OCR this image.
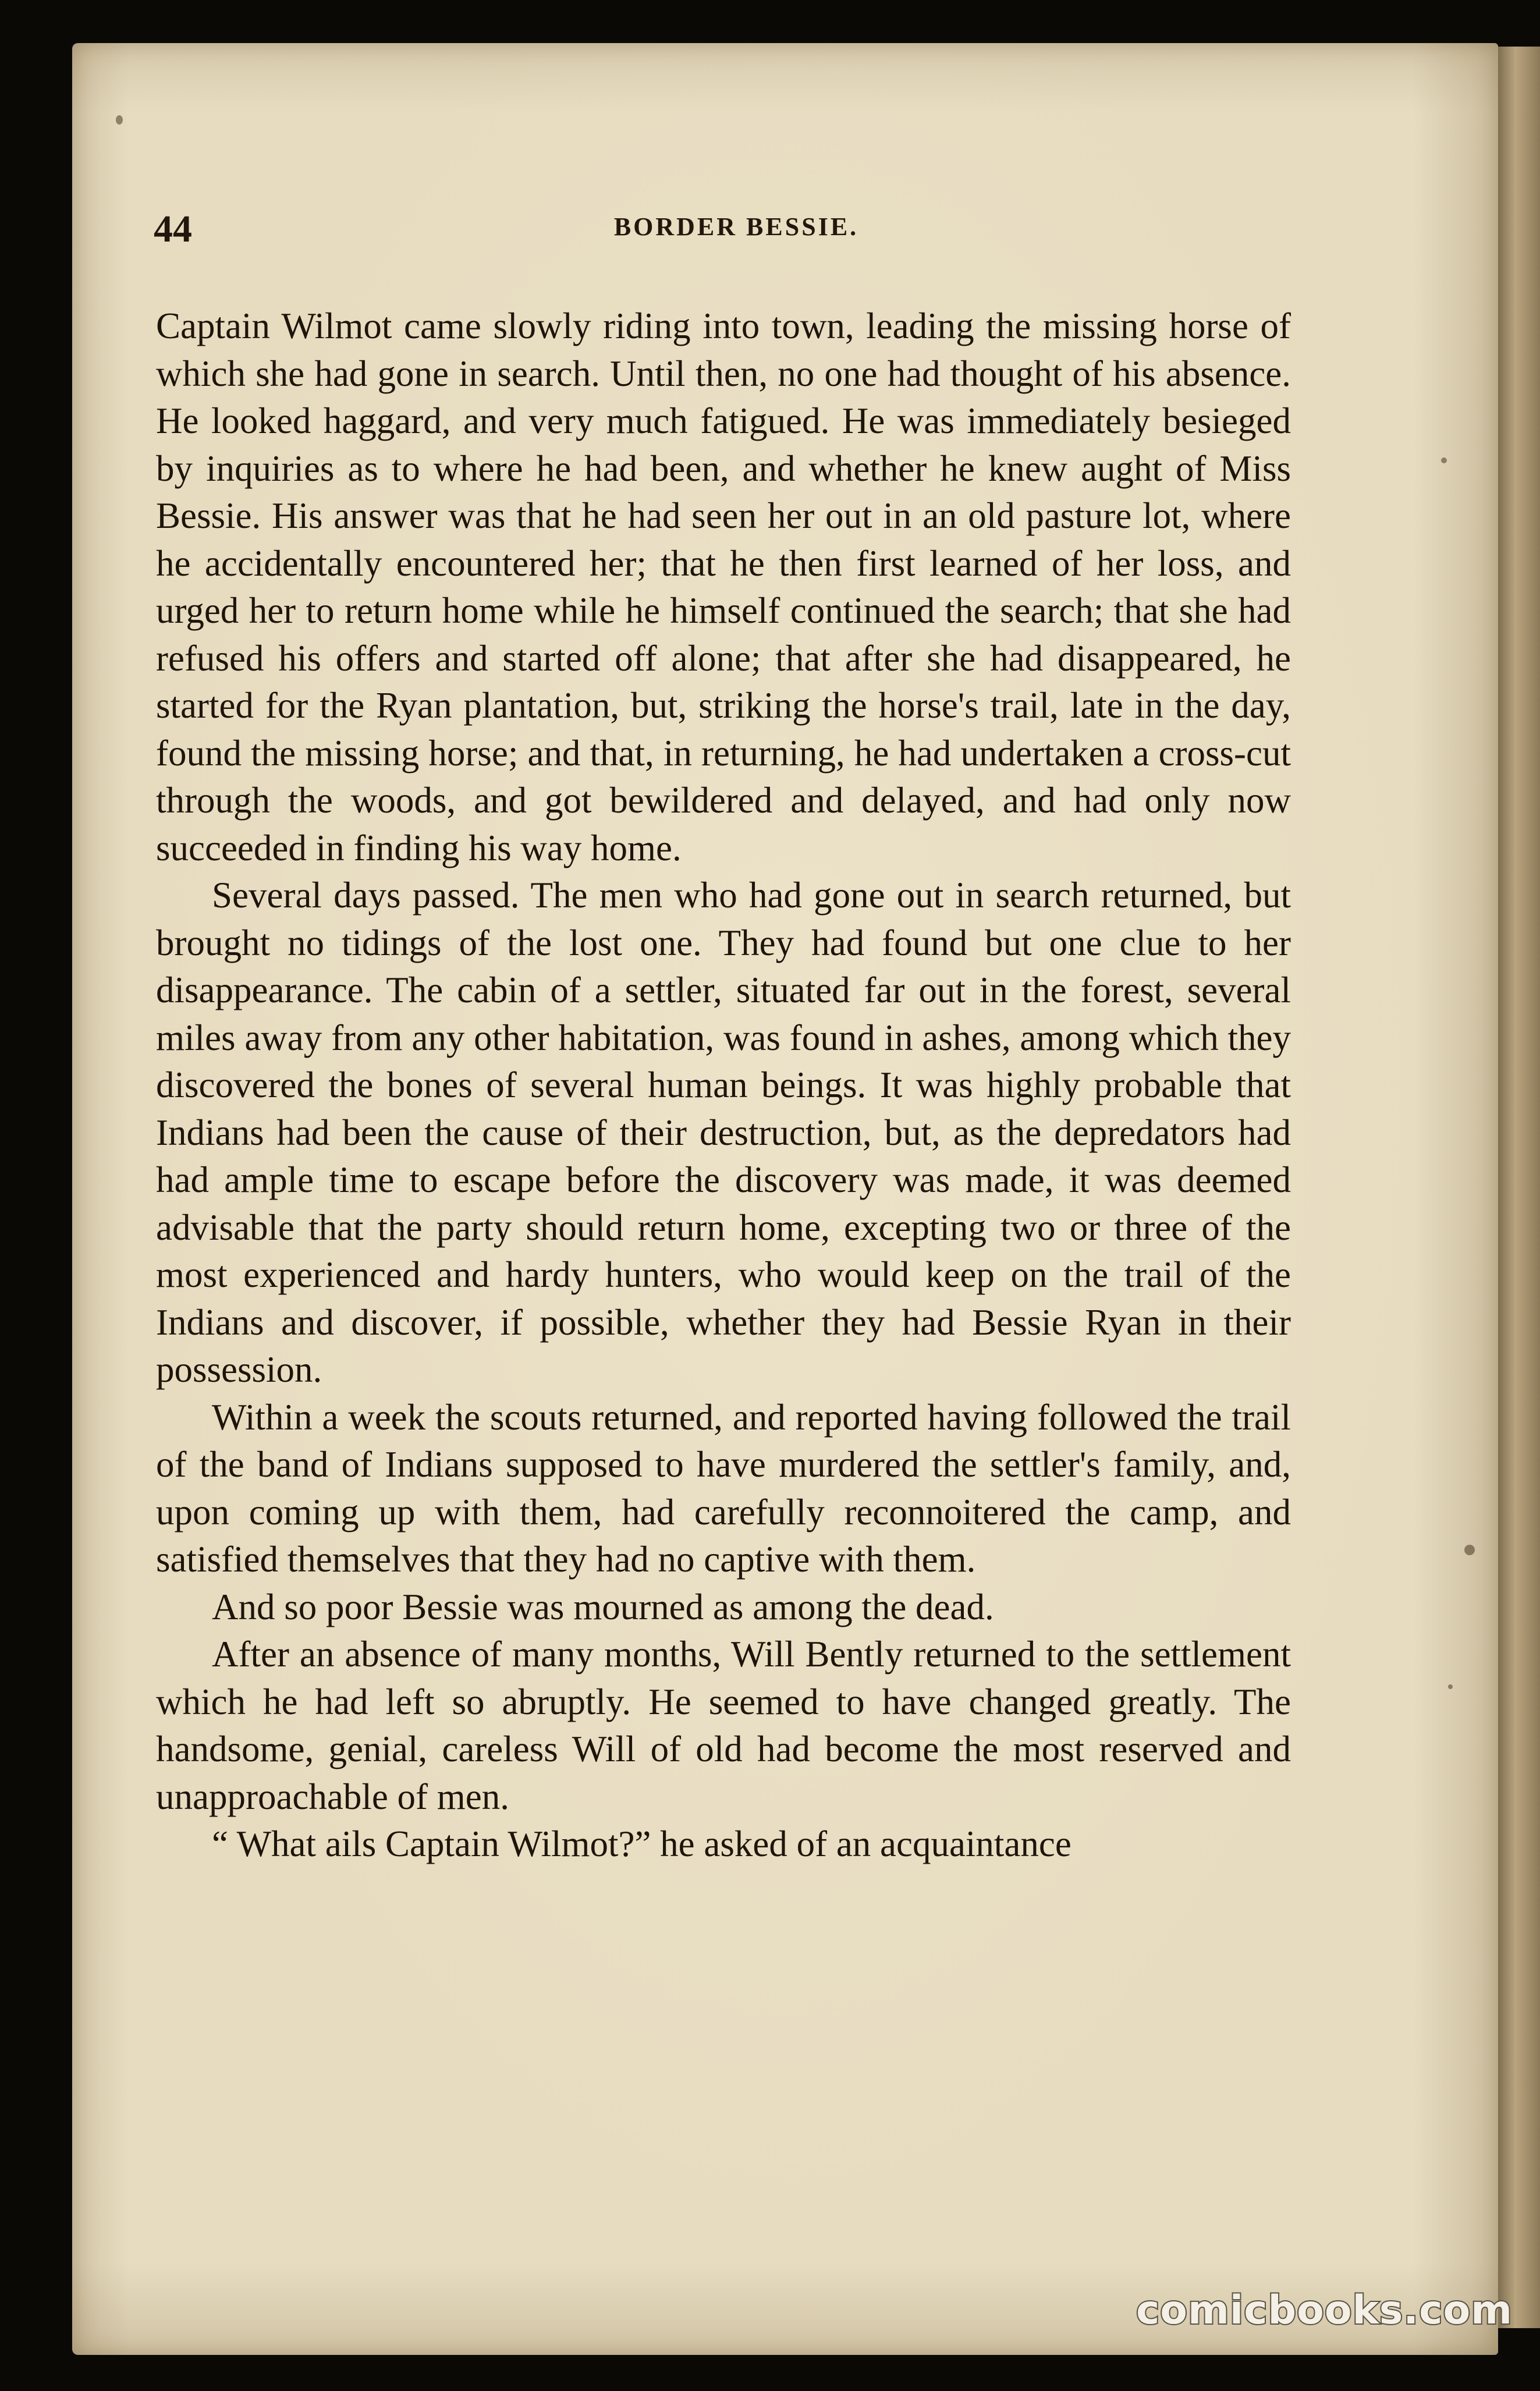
44	BORDER BESSIE.

Captain Wilmot came slowly riding into town, leading the missing horse of which she had gone in search. Until then, no one had thought of his absence. He looked haggard, and very much fatigued. He was immediately besieged by inquiries as to where he had been, and whether he knew aught of Miss Bessie. His answer was that he had seen her out in an old pasture lot, where he accidentally encountered her; that he then first learned of her loss, and urged her to return home while he himself continued the search; that she had refused his offers and started off alone; that after she had disappeared, he started for the Ryan plantation, but, striking the horse's trail, late in the day, found the missing horse; and that, in returning, he had undertaken a cross-cut through the woods, and got bewildered and delayed, and had only now succeeded in finding his way home.

Several days passed. The men who had gone out in search returned, but brought no tidings of the lost one. They had found but one clue to her disappearance. The cabin of a settler, situated far out in the forest, several miles away from any other habitation, was found in ashes, among which they discovered the bones of several human beings. It was highly probable that Indians had been the cause of their destruction, but, as the depredators had had ample time to escape before the discovery was made, it was deemed advisable that the party should return home, excepting two or three of the most experienced and hardy hunters, who would keep on the trail of the Indians and discover, if possible, whether they had Bessie Ryan in their possession.

Within a week the scouts returned, and reported having followed the trail of the band of Indians supposed to have murdered the settler's family, and, upon coming up with them, had carefully reconnoitered the camp, and satisfied themselves that they had no captive with them.

And so poor Bessie was mourned as among the dead.

After an absence of many months, Will Bently returned to the settlement which he had left so abruptly. He seemed to have changed greatly. The handsome, genial, careless Will of old had become the most reserved and unapproachable of men.

“ What ails Captain Wilmot?” he asked of an acquaintance

comicbooks.com
